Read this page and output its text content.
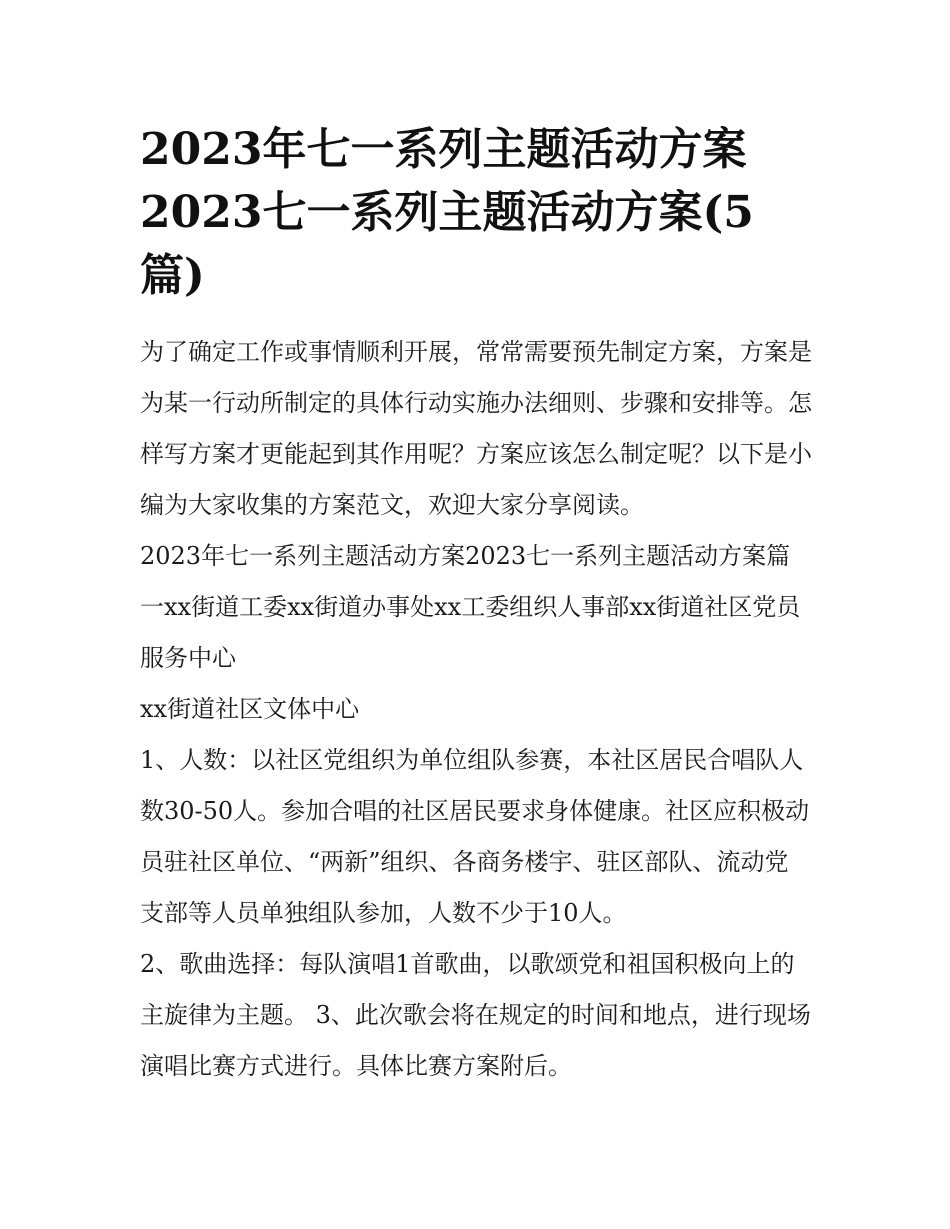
2023年七一系列主题活动方案2023七一系列主题活动方案(5篇)

为了确定工作或事情顺利开展，常常需要预先制定方案，方案是为某一行动所制定的具体行动实施办法细则、步骤和安排等。怎样写方案才更能起到其作用呢？方案应该怎么制定呢？以下是小编为大家收集的方案范文，欢迎大家分享阅读。

2023年七一系列主题活动方案2023七一系列主题活动方案篇一xx街道工委xx街道办事处xx工委组织人事部xx街道社区党员服务中心

xx街道社区文体中心

1、人数：以社区党组织为单位组队参赛，本社区居民合唱队人数30-50人。参加合唱的社区居民要求身体健康。社区应积极动员驻社区单位、“两新”组织、各商务楼宇、驻区部队、流动党支部等人员单独组队参加，人数不少于10人。

2、歌曲选择：每队演唱1首歌曲，以歌颂党和祖国积极向上的主旋律为主题。 3、此次歌会将在规定的时间和地点，进行现场演唱比赛方式进行。具体比赛方案附后。
